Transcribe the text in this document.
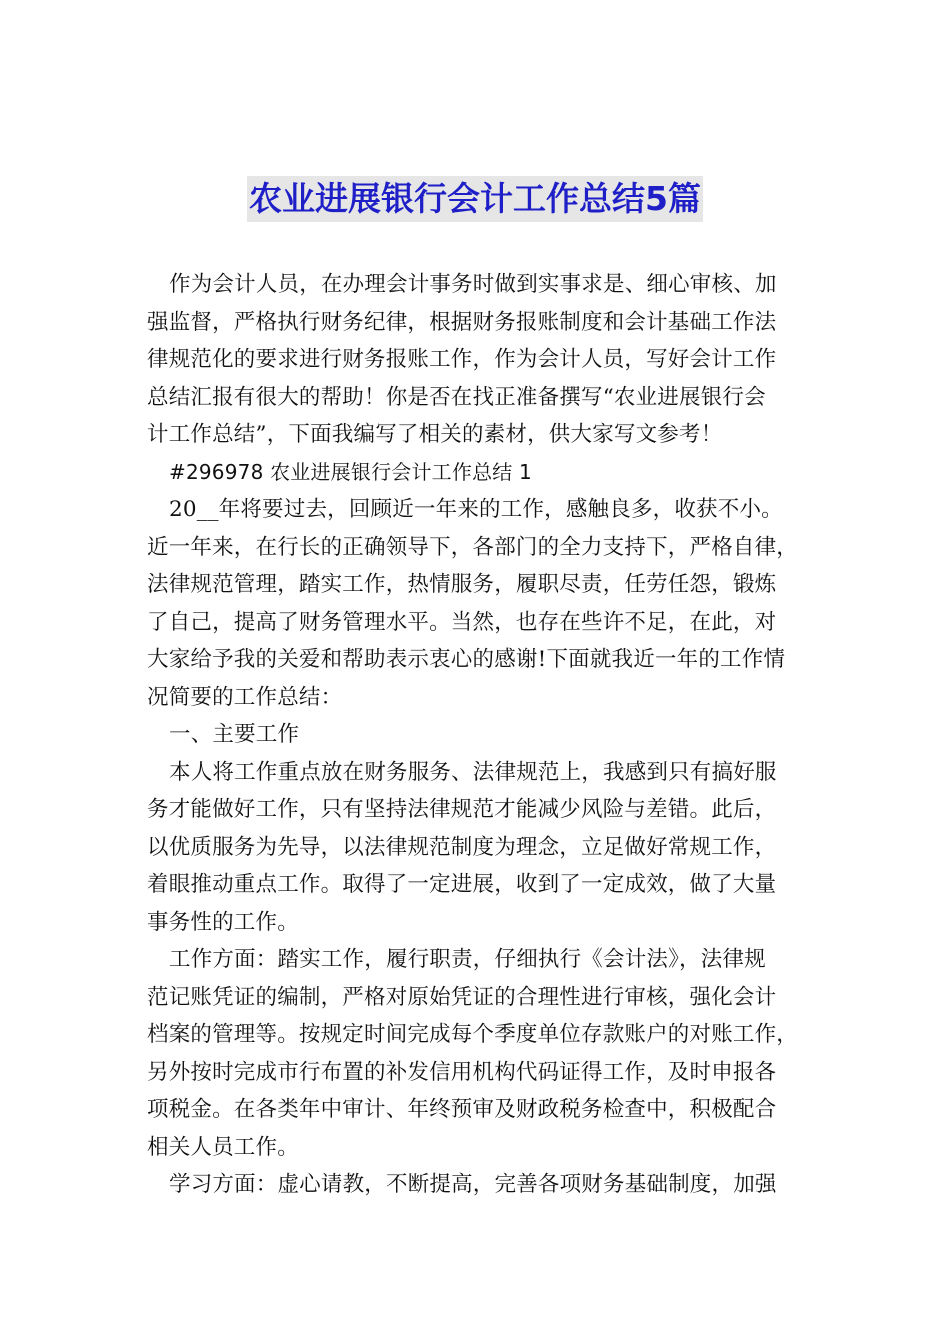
农业进展银行会计工作总结5篇
作为会计人员，在办理会计事务时做到实事求是、细心审核、加
强监督，严格执行财务纪律，根据财务报账制度和会计基础工作法
律规范化的要求进行财务报账工作，作为会计人员，写好会计工作
总结汇报有很大的帮助！你是否在找正准备撰写“农业进展银行会
计工作总结”，下面我编写了相关的素材，供大家写文参考！
#296978 农业进展银行会计工作总结 1
20__年将要过去，回顾近一年来的工作，感触良多，收获不小。
近一年来，在行长的正确领导下，各部门的全力支持下，严格自律，
法律规范管理，踏实工作，热情服务，履职尽责，任劳任怨，锻炼
了自己，提高了财务管理水平。当然，也存在些许不足，在此，对
大家给予我的关爱和帮助表示衷心的感谢!下面就我近一年的工作情
况简要的工作总结：
一、主要工作
本人将工作重点放在财务服务、法律规范上，我感到只有搞好服
务才能做好工作，只有坚持法律规范才能减少风险与差错。此后，
以优质服务为先导，以法律规范制度为理念，立足做好常规工作，
着眼推动重点工作。取得了一定进展，收到了一定成效，做了大量
事务性的工作。
工作方面：踏实工作，履行职责，仔细执行《会计法》，法律规
范记账凭证的编制，严格对原始凭证的合理性进行审核，强化会计
档案的管理等。按规定时间完成每个季度单位存款账户的对账工作，
另外按时完成市行布置的补发信用机构代码证得工作，及时申报各
项税金。在各类年中审计、年终预审及财政税务检查中，积极配合
相关人员工作。
学习方面：虚心请教，不断提高，完善各项财务基础制度，加强
